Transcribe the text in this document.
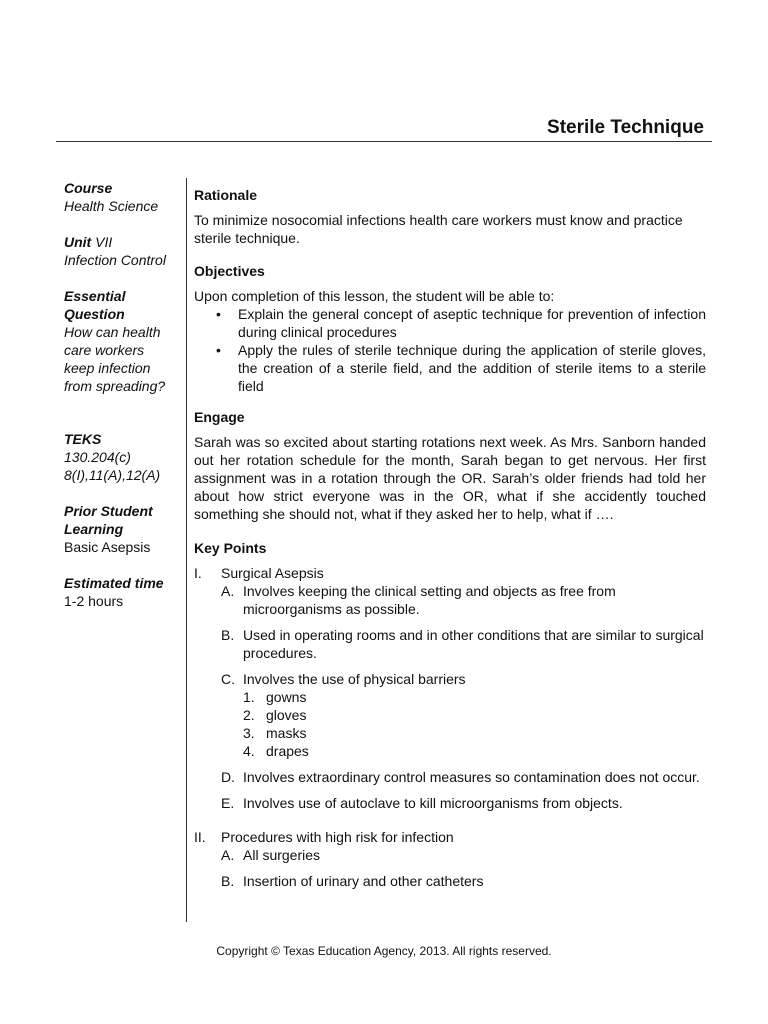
Sterile Technique
Course
Health Science
Unit VII
Infection Control
Essential
Question
How can health
care workers
keep infection
from spreading?
TEKS
130.204(c)
8(I),11(A),12(A)
Prior Student
Learning
Basic Asepsis
Estimated time
1-2 hours
Rationale

To minimize nosocomial infections health care workers must know and practice sterile technique.

Objectives

Upon completion of this lesson, the student will be able to:

• Explain the general concept of aseptic technique for prevention of infection during clinical procedures
• Apply the rules of sterile technique during the application of sterile gloves, the creation of a sterile field, and the addition of sterile items to a sterile field
Engage

Sarah was so excited about starting rotations next week. As Mrs. Sanborn handed out her rotation schedule for the month, Sarah began to get nervous. Her first assignment was in a rotation through the OR. Sarah’s older friends had told her about how strict everyone was in the OR, what if she accidently touched something she should not, what if they asked her to help, what if ….

Key Points
I. Surgical Asepsis
A. Involves keeping the clinical setting and objects as free from microorganisms as possible.
B. Used in operating rooms and in other conditions that are similar to surgical procedures.
C. Involves the use of physical barriers
1. gowns
2. gloves
3. masks
4. drapes
D. Involves extraordinary control measures so contamination does not occur.
E. Involves use of autoclave to kill microorganisms from objects.
II. Procedures with high risk for infection
A. All surgeries
B. Insertion of urinary and other catheters
Copyright © Texas Education Agency, 2013. All rights reserved.
